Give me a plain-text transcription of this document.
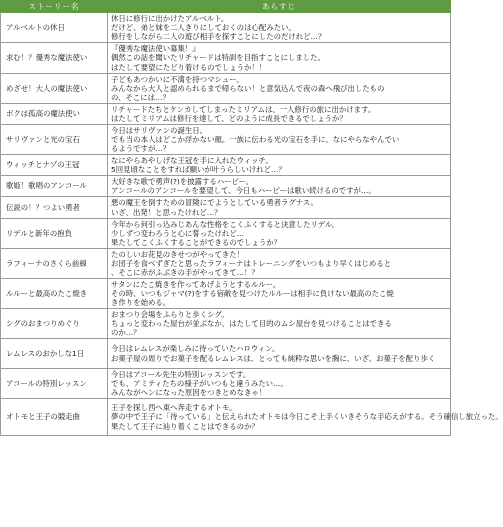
ストーリー名	あらすじ
アルベルトの休日	休日に修行に出かけたアルベルト。
だけど、弟と妹を二人きりにしておくのは心配みたい。
修行をしながら二人の遊び相手を探すことにしたのだけれど…？

求む！？優秀な魔法使い	『優秀な魔法使い募集！』
偶然この話を聞いたリチャードは特訓を目指すことにしました。
はたして要望にたどり着けるのでしょうか！！

めざせ！大人の魔法使い	子どもあつかいに不満を持つマシュー。
みんなから大人と認められるまで帰らない！と意気込んで夜の森へ飛び出したもの
の、そこには…？

ボクは孤高の魔法使い	リチャードたちとケンカしてしまったミリアムは、一人修行の旅に出かけます。
はたしてミリアムは修行を達して、どのように成長できるでしょうか？

サリヴァンと光の宝石	今日はサリヴァンの誕生日。
でも当の本人はどこか浮かない顔。一族に伝わる光の宝石を手に、なにやらなやんでい
るようですが…？

ウィッチとナゾの王冠	なにやらあやしげな王冠を手に入れたウィッチ。
5回見頃なことをすれば願いが叶うらしいけれど…？

歌姫！歌唱のアンコール	大好きな歌で勇声(?)を披露するハーピー。
アンコールのアンコールを要望して、今日もハーピーは歌い続けるのですが…。

伝説の！？つよい勇者	悪の魔王を倒すための冒険にでようとしている勇者ラグナス。
いざ、出発！と思ったけれど…？

リデルと新年の抱負	今年から何引っ込みじあんな性格をこくふくすると決意したリデル。
少しずつ変わろうと心に誓ったけれど…
果たしてこくふくすることができるのでしょうか？

ラフィーナのさくら前線	たのしいお花見のきせつがやってきた！
お団子を食べずぎたと思ったラフィーナはトレーニングをいつもより早くはじめると
、そこに赤がふぶきの手がやってきて…！？

ルルーと最高のたこ焼き	サタンにたこ焼きを作ってあげようとするルルー。
その時、いつもジャマ(?)をする宿敵を見つけたルルーは相手に負けない最高のたこ焼
き作りを始める。

シグのおまつりめぐり	おまつり会場をふらりと歩くシグ。
ちょっと変わった屋台が並ぶなか、はたして目的のムシ屋台を見つけることはできる
のか…？

レムレスのおかしな1日	今日はレムレスが楽しみに待っていたハロウィン。
お菓子屋の周りでお菓子を配るレムレスは、とっても純粋な思いを胸に、いざ、お菓子を配り歩く

アコールの特別レッスン	今日はアコール先生の特別レッスンです。
でも、アミティたちの様子がいつもと違うみたい…。
みんながヘンになった原因をつきとめなきゃ！

オトモと王子の競走曲	王子を探し西へ東へ奔走するオトモ。
夢の中で王子に「待っている」と伝えられたオトモは今日こそ上手くいきそうな手応えがする。そう確信し旅立った。
果たして王子に辿り着くことはできるのか？
